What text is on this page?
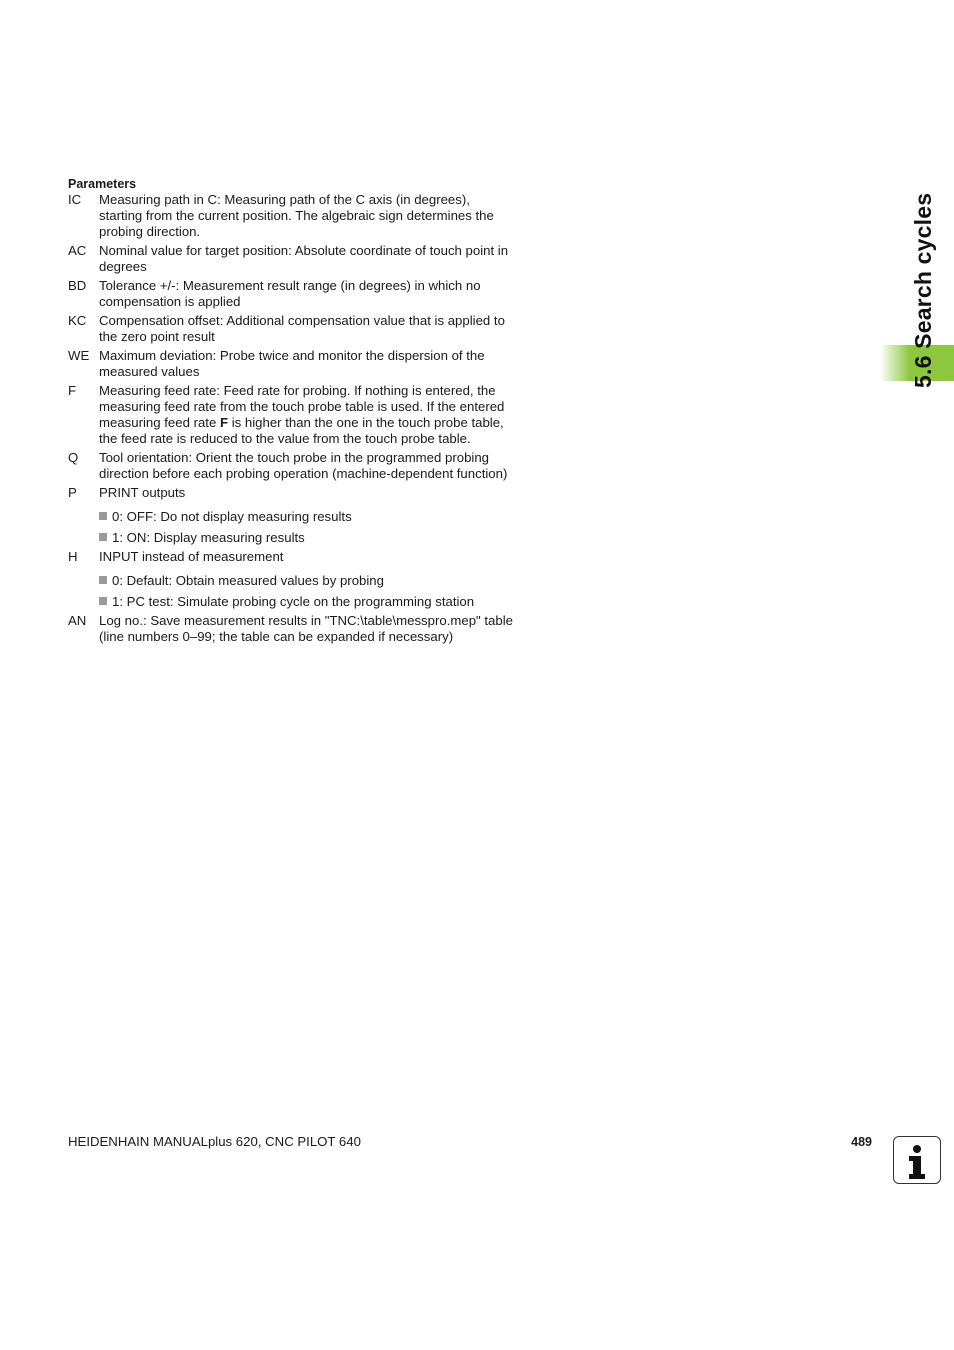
Parameters
IC	Measuring path in C: Measuring path of the C axis (in degrees), starting from the current position. The algebraic sign determines the probing direction.
AC Nominal value for target position: Absolute coordinate of touch point in degrees
BD Tolerance +/-: Measurement result range (in degrees) in which no compensation is applied
KC Compensation offset: Additional compensation value that is applied to the zero point result
WE Maximum deviation: Probe twice and monitor the dispersion of the measured values
F	Measuring feed rate: Feed rate for probing. If nothing is entered, the measuring feed rate from the touch probe table is used. If the entered measuring feed rate F is higher than the one in the touch probe table, the feed rate is reduced to the value from the touch probe table.
Q	Tool orientation: Orient the touch probe in the programmed probing direction before each probing operation (machine-dependent function)
P	PRINT outputs
0: OFF: Do not display measuring results
1: ON: Display measuring results
H	INPUT instead of measurement
0: Default: Obtain measured values by probing
1: PC test: Simulate probing cycle on the programming station
AN Log no.: Save measurement results in "TNC:\table\messpro.mep" table (line numbers 0–99; the table can be expanded if necessary)
5.6 Search cycles
HEIDENHAIN MANUALplus 620, CNC PILOT 640	489
